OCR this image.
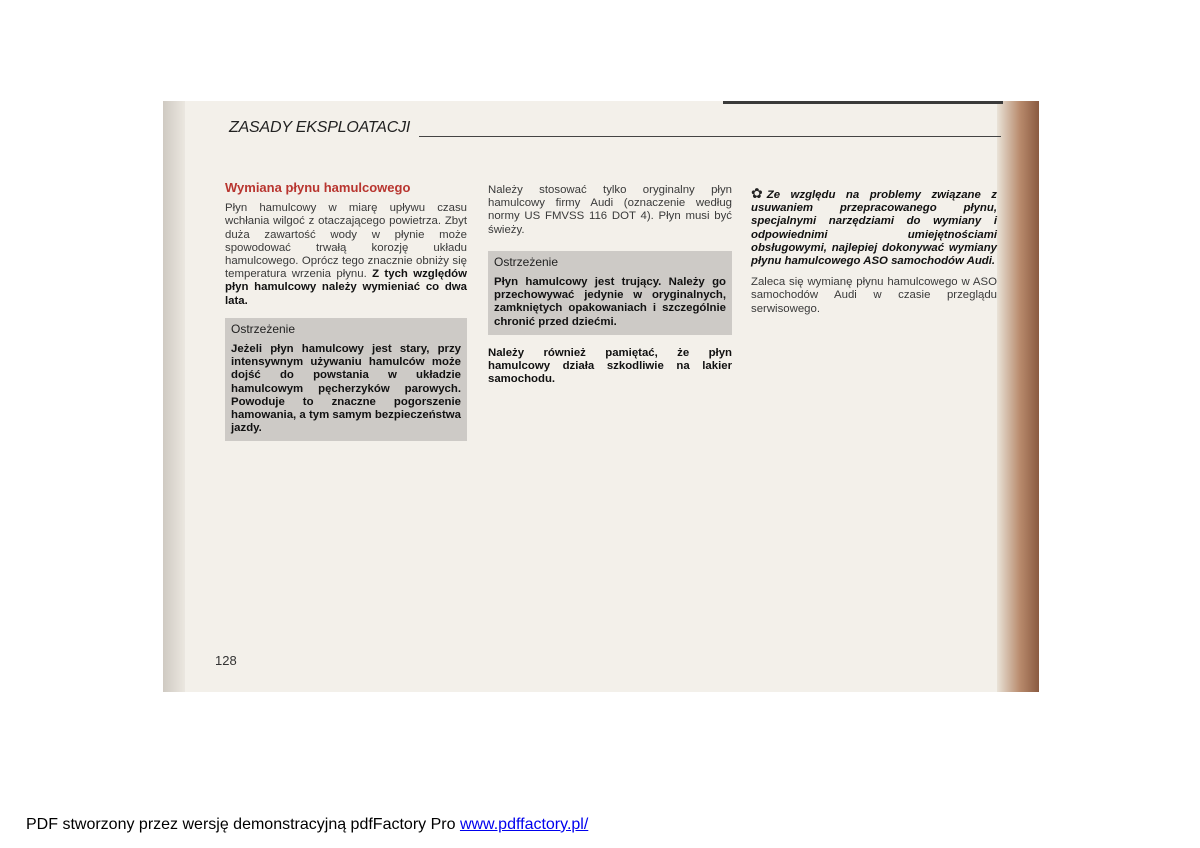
ZASADY EKSPLOATACJI
Wymiana płynu hamulcowego

Płyn hamulcowy w miarę upływu czasu wchłania wilgoć z otaczającego powietrza. Zbyt duża zawartość wody w płynie może spowodować trwałą korozję układu hamulcowego. Oprócz tego znacznie obniży się temperatura wrzenia płynu. Z tych względów płyn hamulcowy należy wymieniać co dwa lata.

Ostrzeżenie
Jeżeli płyn hamulcowy jest stary, przy intensywnym używaniu hamulców może dojść do powstania w układzie hamulcowym pęcherzyków parowych. Powoduje to znaczne pogorszenie hamowania, a tym samym bezpieczeństwa jazdy.

Należy stosować tylko oryginalny płyn hamulcowy firmy Audi (oznaczenie według normy US FMVSS 116 DOT 4). Płyn musi być świeży.

Ostrzeżenie
Płyn hamulcowy jest trujący. Należy go przechowywać jedynie w oryginalnych, zamkniętych opakowaniach i szczególnie chronić przed dziećmi.

Należy również pamiętać, że płyn hamulcowy działa szkodliwie na lakier samochodu.

✿ Ze względu na problemy związane z usuwaniem przepracowanego płynu, specjalnymi narzędziami do wymiany i odpowiednimi umiejętnościami obsługowymi, najlepiej dokonywać wymiany płynu hamulcowego ASO samochodów Audi.

Zaleca się wymianę płynu hamulcowego w ASO samochodów Audi w czasie przeglądu serwisowego.

128
PDF stworzony przez wersję demonstracyjną pdfFactory Pro www.pdffactory.pl/
